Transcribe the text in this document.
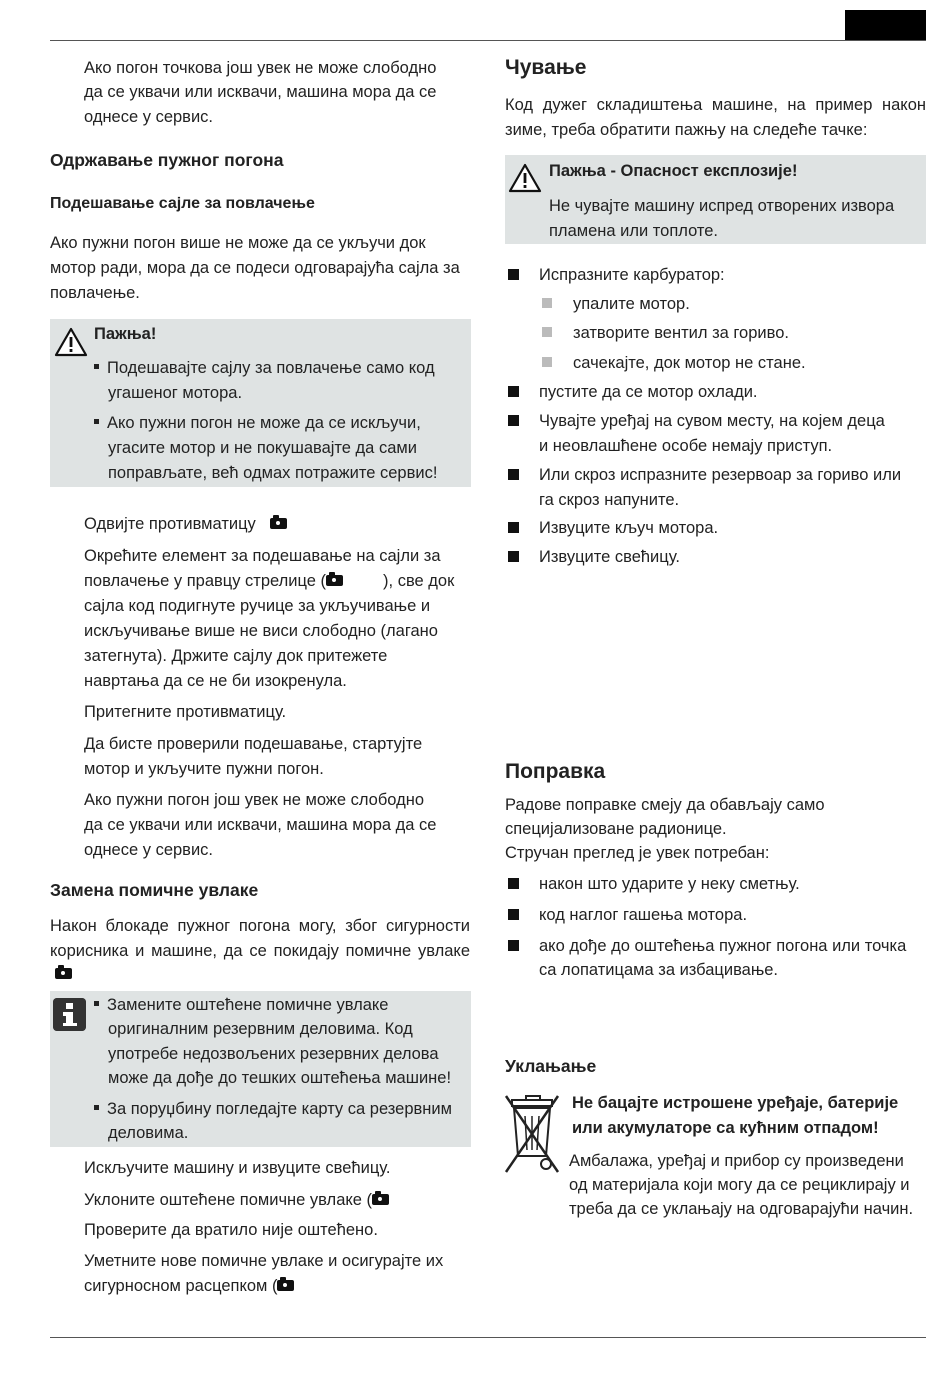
Ако погон точкова још увек не може слободно

да се уквачи или исквачи, машина мора да се

однесе у сервис.

Одржавање пужног погона

Подешавање сајле за повлачење

Ако пужни погон више не може да се укључи док

мотор ради, мора да се подеси одговарајућа сајла за

повлачење.

Пажња!
Подешавајте сајлу за повлачење само код
угашеног мотора.
Ако пужни погон не може да се искључи,
угасите мотор и не покушавајте да сами
поправљате, већ одмах потражите сервис!

Одвијте противматицу

Окрећите елемент за подешавање на сајли за

повлачење у правцу стрелице (	), све док

сајла код подигнуте ручице за укључивање и

искључивање више не виси слободно (лагано

затегнута). Држите сајлу док притежете

навртања да се не би изокренула.

Притегните противматицу.

Да бисте проверили подешавање, стартујте

мотор и укључите пужни погон.

Ако пужни погон још увек не може слободно

да се уквачи или исквачи, машина мора да се

однесе у сервис.

Замена помичне увлаке

Након блокаде пужног погона могу, због сигурности

корисника и машине, да се покидају помичне увлаке

Замените оштећене помичне увлаке
оригиналним резервним деловима. Код
употребе недозвољених резервних делова
може да дође до тешких оштећења машине!
За поруџбину погледајте карту са резервним
деловима.

Искључите машину и извуците свећицу.

Уклоните оштећене помичне увлаке (

Проверите да вратило није оштећено.

Уметните нове помичне увлаке и осигурајте их

сигурносном расцепком (

Чување

Код дужег складиштења машине, на пример након

зиме, треба обратити пажњу на следеће тачке:

Пажња - Опасност експлозије!
Не чувајте машину испред отворених извора
пламена или топлоте.

Испразните карбуратор:

упалите мотор.

затворите вентил за гориво.

сачекајте, док мотор не стане.

пустите да се мотор охлади.

Чувајте уређај на сувом месту, на којем деца

и неовлашћене особе немају приступ.

Или скроз испразните резервоар за гориво или

га скроз напуните.

Извуците кључ мотора.

Извуците свећицу.

Поправка

Радове поправке смеју да обављају само

специјализоване радионице.

Стручан преглед је увек потребан:

након што ударите у неку сметњу.

код наглог гашења мотора.

ако дође до оштећења пужног погона или точка

са лопатицама за избацивање.

Уклањање

Не бацајте истрошене уређаје, батерије

или акумулаторе са кућним отпадом!

Амбалажа, уређај и прибор су произведени

од материјала који могу да се рециклирају и

треба да се уклањају на одговарајући начин.
